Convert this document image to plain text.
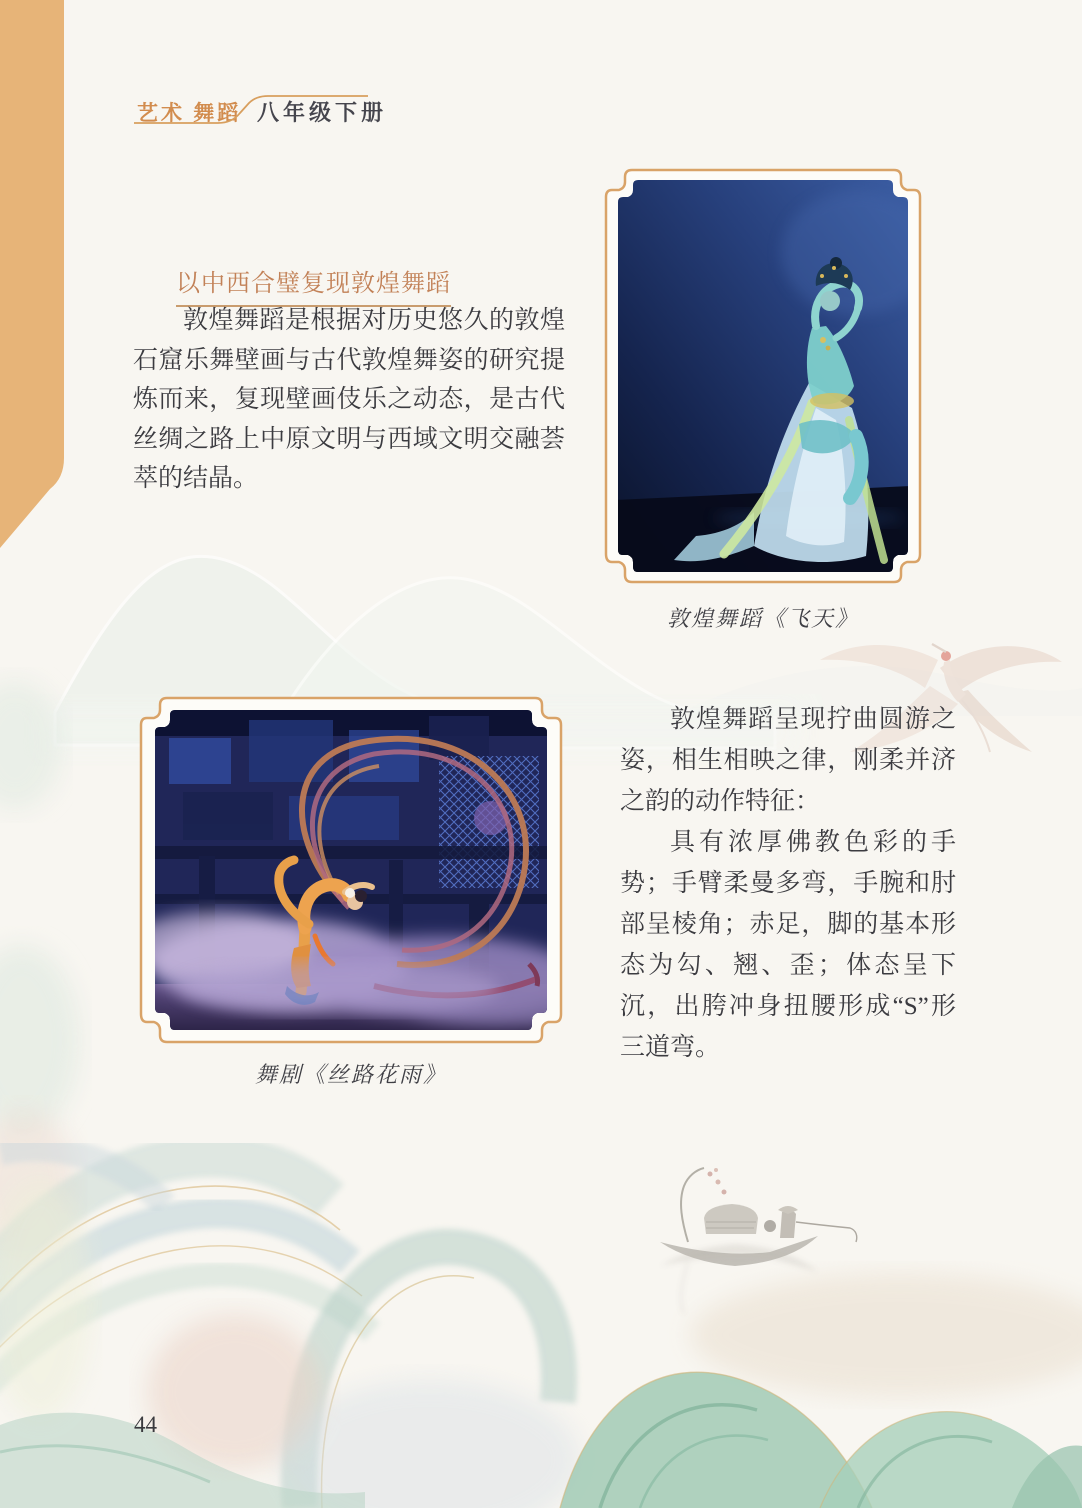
艺术 舞蹈 八年级下册
以中西合璧复现敦煌舞蹈

敦煌舞蹈是根据对历史悠久的敦煌石窟乐舞壁画与古代敦煌舞姿的研究提炼而来，复现壁画伎乐之动态，是古代丝绸之路上中原文明与西域文明交融荟萃的结晶。

敦煌舞蹈《飞天》
舞剧《丝路花雨》

敦煌舞蹈呈现拧曲圆游之姿，相生相映之律，刚柔并济之韵的动作特征：

具有浓厚佛教色彩的手势；手臂柔曼多弯，手腕和肘部呈棱角；赤足，脚的基本形态为勾、翘、歪；体态呈下沉，出胯冲身扭腰形成“S”形三道弯。

44
